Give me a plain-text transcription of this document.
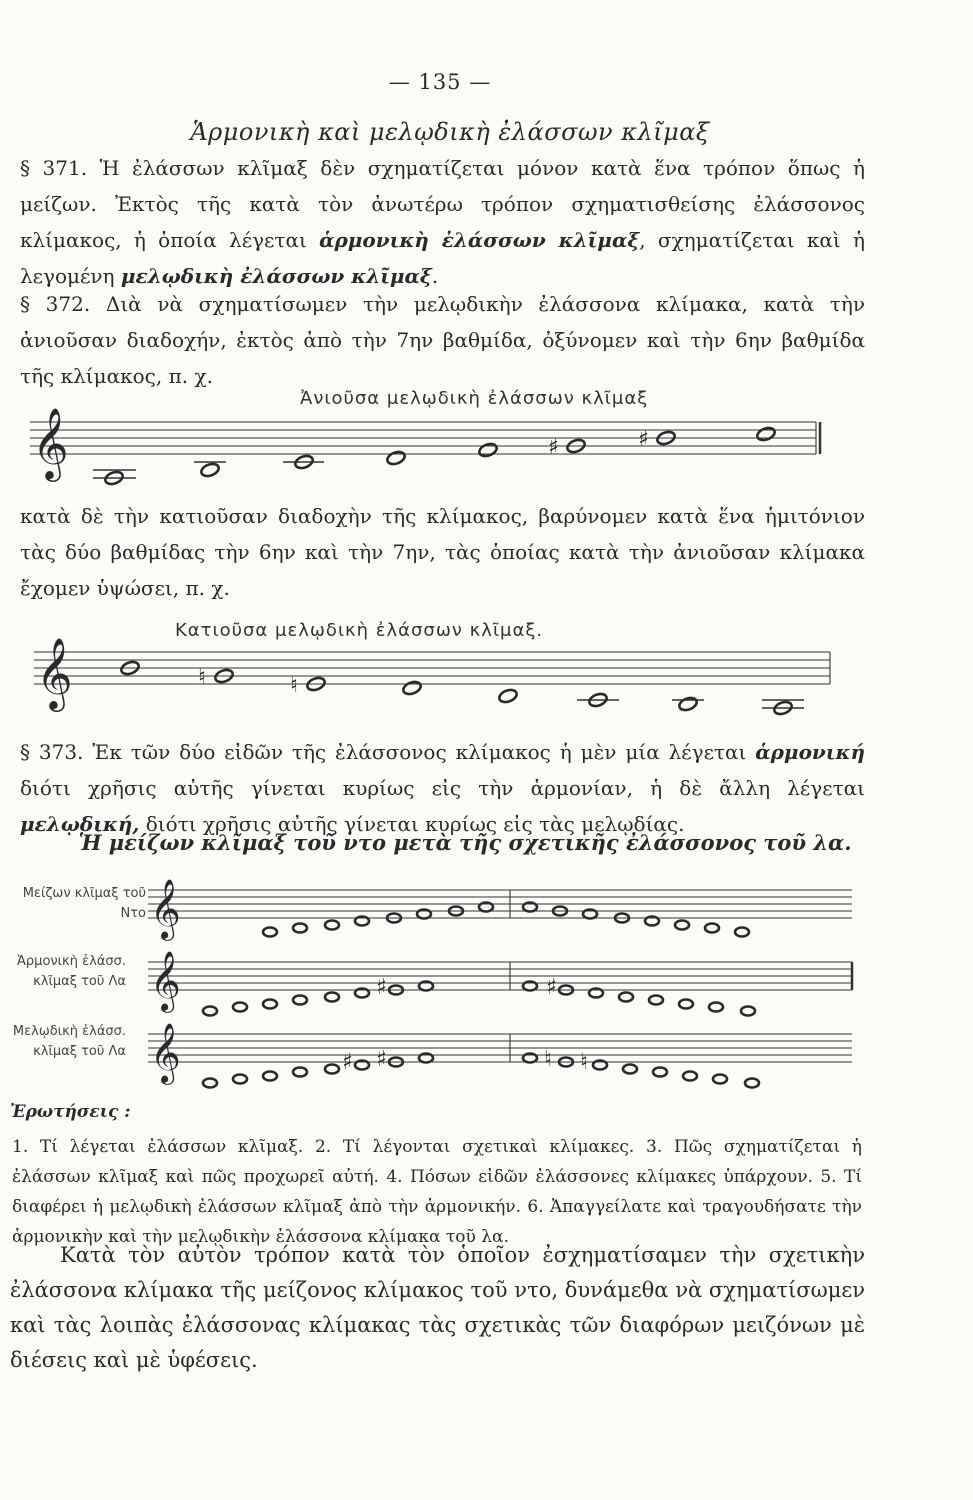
— 135 —
Ἁρμονικὴ καὶ μελῳδικὴ ἐλάσσων κλῖμαξ
§ 371. Ἡ ἐλάσσων κλῖμαξ δὲν σχηματίζεται μόνον κατὰ ἕνα τρόπον ὅπως ἡ μείζων. Ἐκτὸς τῆς κατὰ τὸν ἀνωτέρω τρόπον σχηματισθείσης ἐλάσσονος κλίμακος, ἡ ὁποία λέγεται ἁρμονικὴ ἐλάσσων κλῖμαξ, σχηματίζεται καὶ ἡ λεγομένη μελῳδικὴ ἐλάσσων κλῖμαξ.
§ 372. Διὰ νὰ σχηματίσωμεν τὴν μελῳδικὴν ἐλάσσονα κλίμακα, κατὰ τὴν ἀνιοῦσαν διαδοχήν, ἐκτὸς ἀπὸ τὴν 7ην βαθμίδα, ὀξύνομεν καὶ τὴν 6ην βαθμίδα τῆς κλίμακος, π. χ.
Ἀνιοῦσα μελῳδικὴ ἐλάσσων κλῖμαξ
𝄞	♯	♯
κατὰ δὲ τὴν κατιοῦσαν διαδοχὴν τῆς κλίμακος, βαρύνομεν κατὰ ἕνα ἡμιτόνιον τὰς δύο βαθμίδας τὴν 6ην καὶ τὴν 7ην, τὰς ὁποίας κατὰ τὴν ἀνιοῦσαν κλίμακα ἔχομεν ὑψώσει, π. χ.
Κατιοῦσα μελῳδικὴ ἐλάσσων κλῖμαξ.
𝄞	♮	♮
§ 373. Ἐκ τῶν δύο εἰδῶν τῆς ἐλάσσονος κλίμακος ἡ μὲν μία λέγεται ἁρμονική διότι χρῆσις αὐτῆς γίνεται κυρίως εἰς τὴν ἁρμονίαν, ἡ δὲ ἄλλη λέγεται μελῳδική, διότι χρῆσις αὐτῆς γίνεται κυρίως εἰς τὰς μελῳδίας.
Ἡ μείζων κλῖμαξ τοῦ ντο μετὰ τῆς σχετικῆς ἐλάσσονος τοῦ λα.
Μείζων κλῖμαξ τοῦ Ντο
Ἁρμονικὴ ἐλάσσ. κλῖμαξ τοῦ Λα
Μελῳδικὴ ἐλάσσ. κλῖμαξ τοῦ Λα
𝄞
𝄞	♯	♯
𝄞	♯ ♯	♮ ♮
Ἐρωτήσεις :
1. Τί λέγεται ἐλάσσων κλῖμαξ. 2. Τί λέγονται σχετικαὶ κλίμακες. 3. Πῶς σχηματίζεται ἡ ἐλάσσων κλῖμαξ καὶ πῶς προχωρεῖ αὐτή. 4. Πόσων εἰδῶν ἐλάσσονες κλίμακες ὑπάρχουν. 5. Τί διαφέρει ἡ μελῳδικὴ ἐλάσσων κλῖμαξ ἀπὸ τὴν ἁρμονικήν. 6. Ἀπαγγείλατε καὶ τραγουδήσατε τὴν ἁρμονικὴν καὶ τὴν μελῳδικὴν ἐλάσσονα κλίμακα τοῦ λα.
Κατὰ τὸν αὐτὸν τρόπον κατὰ τὸν ὁποῖον ἐσχηματίσαμεν τὴν σχετικὴν ἐλάσσονα κλίμακα τῆς μείζονος κλίμακος τοῦ ντο, δυνάμεθα νὰ σχηματίσωμεν καὶ τὰς λοιπὰς ἐλάσσονας κλίμακας τὰς σχετικὰς τῶν διαφόρων μειζόνων μὲ διέσεις καὶ μὲ ὑφέσεις.
